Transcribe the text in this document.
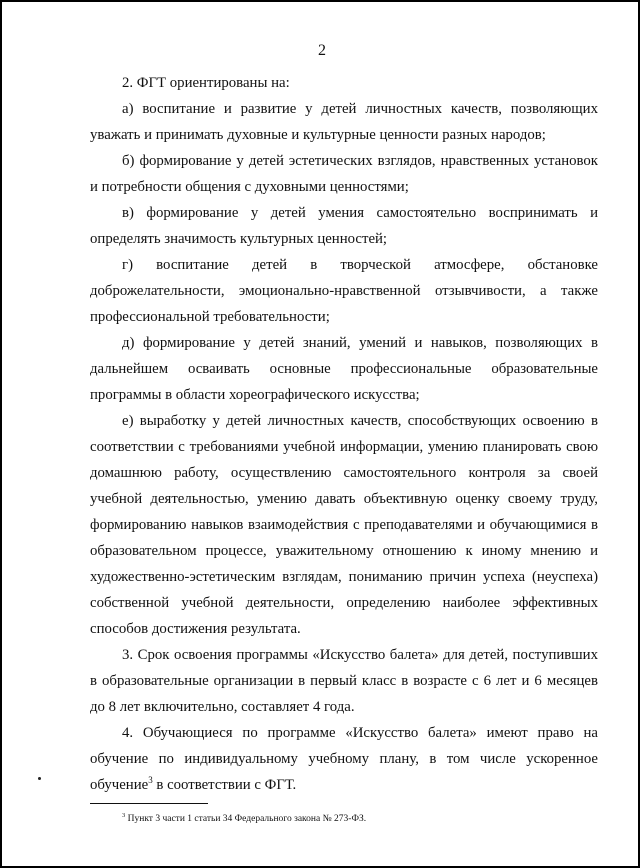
2

2. ФГТ ориентированы на:

а) воспитание и развитие у детей личностных качеств, позволяющих уважать и принимать духовные и культурные ценности разных народов;

б) формирование у детей эстетических взглядов, нравственных установок и потребности общения с духовными ценностями;

в) формирование у детей умения самостоятельно воспринимать и определять значимость культурных ценностей;

г) воспитание детей в творческой атмосфере, обстановке доброжелательности, эмоционально-нравственной отзывчивости, а также профессиональной требовательности;

д) формирование у детей знаний, умений и навыков, позволяющих в дальнейшем осваивать основные профессиональные образовательные программы в области хореографического искусства;

е) выработку у детей личностных качеств, способствующих освоению в соответствии с требованиями учебной информации, умению планировать свою домашнюю работу, осуществлению самостоятельного контроля за своей учебной деятельностью, умению давать объективную оценку своему труду, формированию навыков взаимодействия с преподавателями и обучающимися в образовательном процессе, уважительному отношению к иному мнению и художественно-эстетическим взглядам, пониманию причин успеха (неуспеха) собственной учебной деятельности, определению наиболее эффективных способов достижения результата.

3. Срок освоения программы «Искусство балета» для детей, поступивших в образовательные организации в первый класс в возрасте с 6 лет и 6 месяцев до 8 лет включительно, составляет 4 года.

4. Обучающиеся по программе «Искусство балета» имеют право на обучение по индивидуальному учебному плану, в том числе ускоренное обучение$^3$ в соответствии с ФГТ.

$^3$ Пункт 3 части 1 статьи 34 Федерального закона № 273-ФЗ.
